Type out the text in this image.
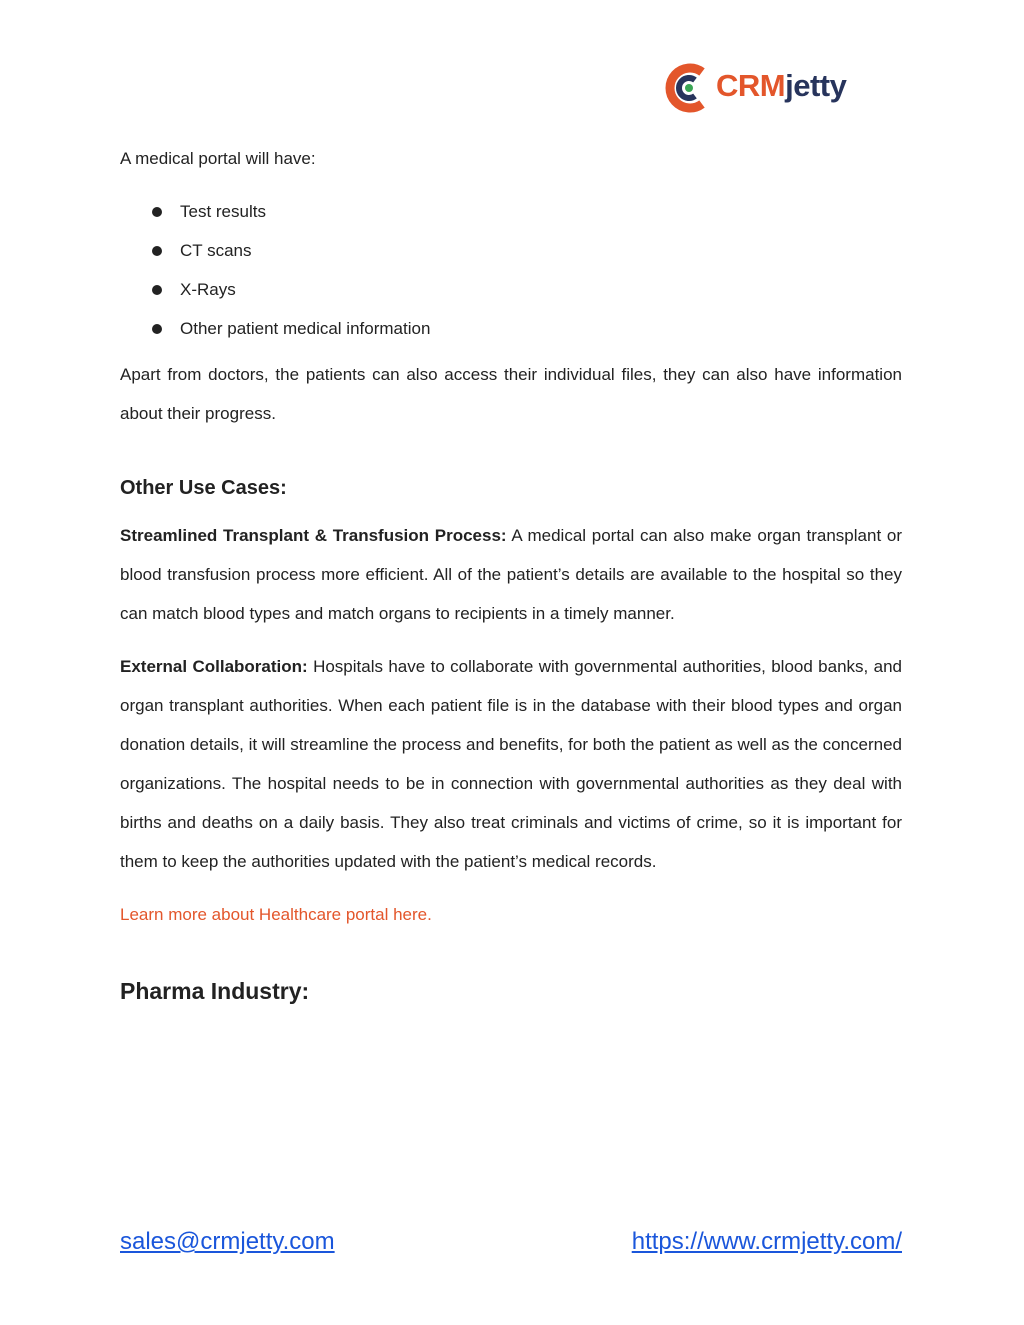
CRMjetty

A medical portal will have:

Test results
CT scans
X-Rays
Other patient medical information

Apart from doctors, the patients can also access their individual files, they can also have information about their progress.

Other Use Cases:

Streamlined Transplant & Transfusion Process: A medical portal can also make organ transplant or blood transfusion process more efficient. All of the patient’s details are available to the hospital so they can match blood types and match organs to recipients in a timely manner.

External Collaboration: Hospitals have to collaborate with governmental authorities, blood banks, and organ transplant authorities. When each patient file is in the database with their blood types and organ donation details, it will streamline the process and benefits, for both the patient as well as the concerned organizations. The hospital needs to be in connection with governmental authorities as they deal with births and deaths on a daily basis. They also treat criminals and victims of crime, so it is important for them to keep the authorities updated with the patient’s medical records.

Learn more about Healthcare portal here.
Pharma Industry:
sales@crmjetty.com	https://www.crmjetty.com/
